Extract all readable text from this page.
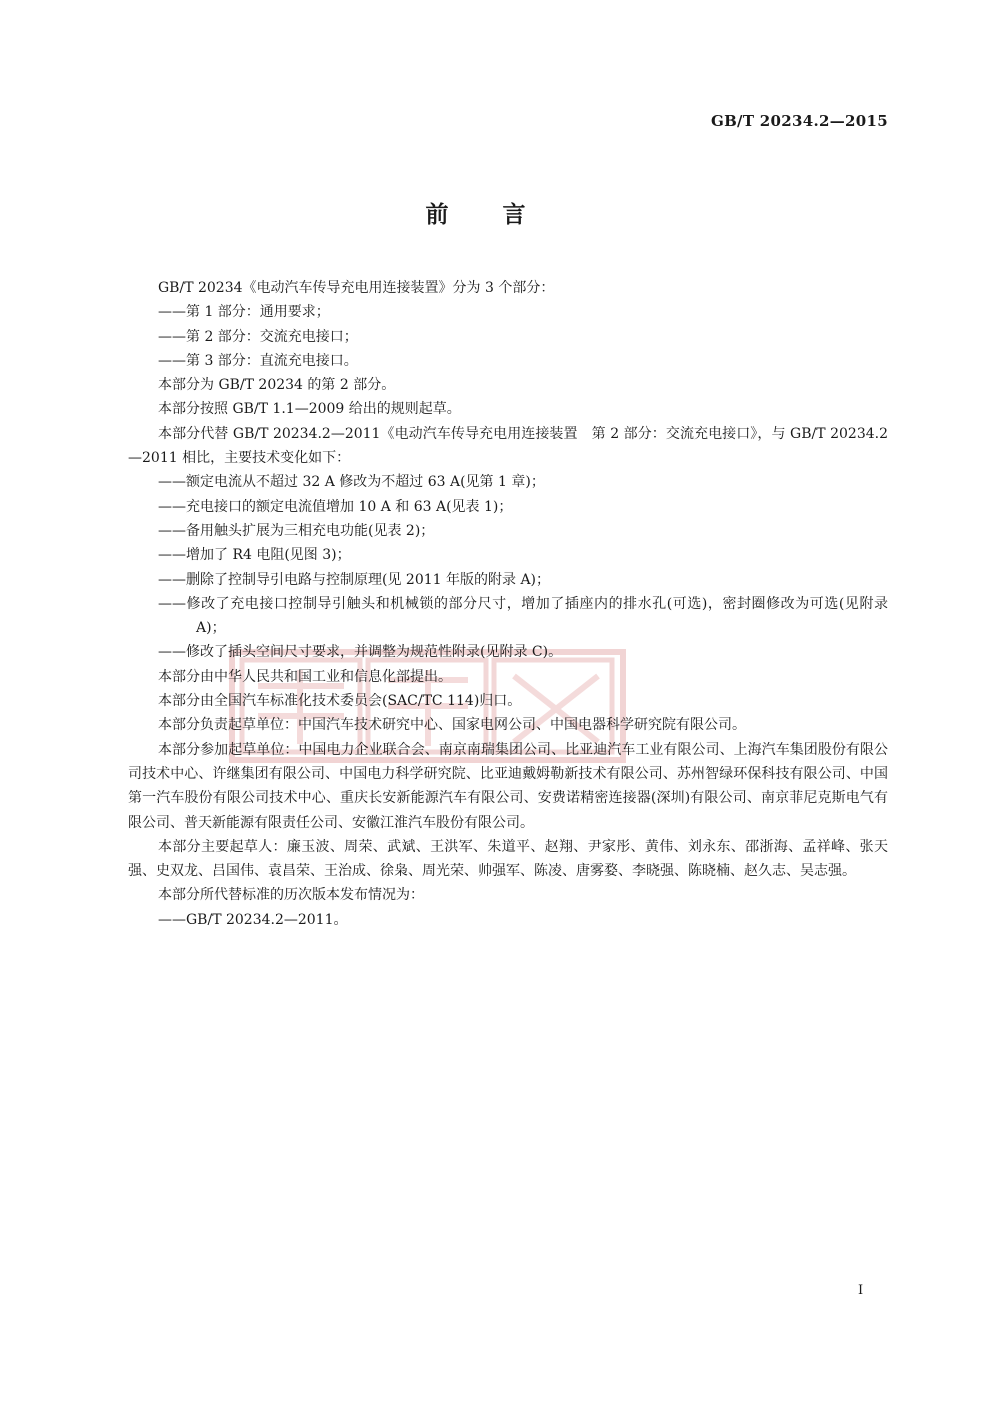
GB/T 20234.2—2015
前言

GB/T 20234《电动汽车传导充电用连接装置》分为 3 个部分：

——第 1 部分：通用要求；

——第 2 部分：交流充电接口；

——第 3 部分：直流充电接口。

本部分为 GB/T 20234 的第 2 部分。

本部分按照 GB/T 1.1—2009 给出的规则起草。

本部分代替 GB/T 20234.2—2011《电动汽车传导充电用连接装置　第 2 部分：交流充电接口》，与 GB/T 20234.2—2011 相比，主要技术变化如下：

——额定电流从不超过 32 A 修改为不超过 63 A(见第 1 章)；

——充电接口的额定电流值增加 10 A 和 63 A(见表 1)；

——备用触头扩展为三相充电功能(见表 2)；

——增加了 R4 电阻(见图 3)；

——删除了控制导引电路与控制原理(见 2011 年版的附录 A)；

——修改了充电接口控制导引触头和机械锁的部分尺寸，增加了插座内的排水孔(可选)，密封圈修改为可选(见附录 A)；

——修改了插头空间尺寸要求，并调整为规范性附录(见附录 C)。

本部分由中华人民共和国工业和信息化部提出。

本部分由全国汽车标准化技术委员会(SAC/TC 114)归口。

本部分负责起草单位：中国汽车技术研究中心、国家电网公司、中国电器科学研究院有限公司。

本部分参加起草单位：中国电力企业联合会、南京南瑞集团公司、比亚迪汽车工业有限公司、上海汽车集团股份有限公司技术中心、许继集团有限公司、中国电力科学研究院、比亚迪戴姆勒新技术有限公司、苏州智绿环保科技有限公司、中国第一汽车股份有限公司技术中心、重庆长安新能源汽车有限公司、安费诺精密连接器(深圳)有限公司、南京菲尼克斯电气有限公司、普天新能源有限责任公司、安徽江淮汽车股份有限公司。

本部分主要起草人：廉玉波、周荣、武斌、王洪军、朱道平、赵翔、尹家彤、黄伟、刘永东、邵浙海、孟祥峰、张天强、史双龙、吕国伟、袁昌荣、王治成、徐枭、周光荣、帅强军、陈凌、唐雾婺、李晓强、陈晓楠、赵久志、吴志强。

本部分所代替标准的历次版本发布情况为：

——GB/T 20234.2—2011。

I
